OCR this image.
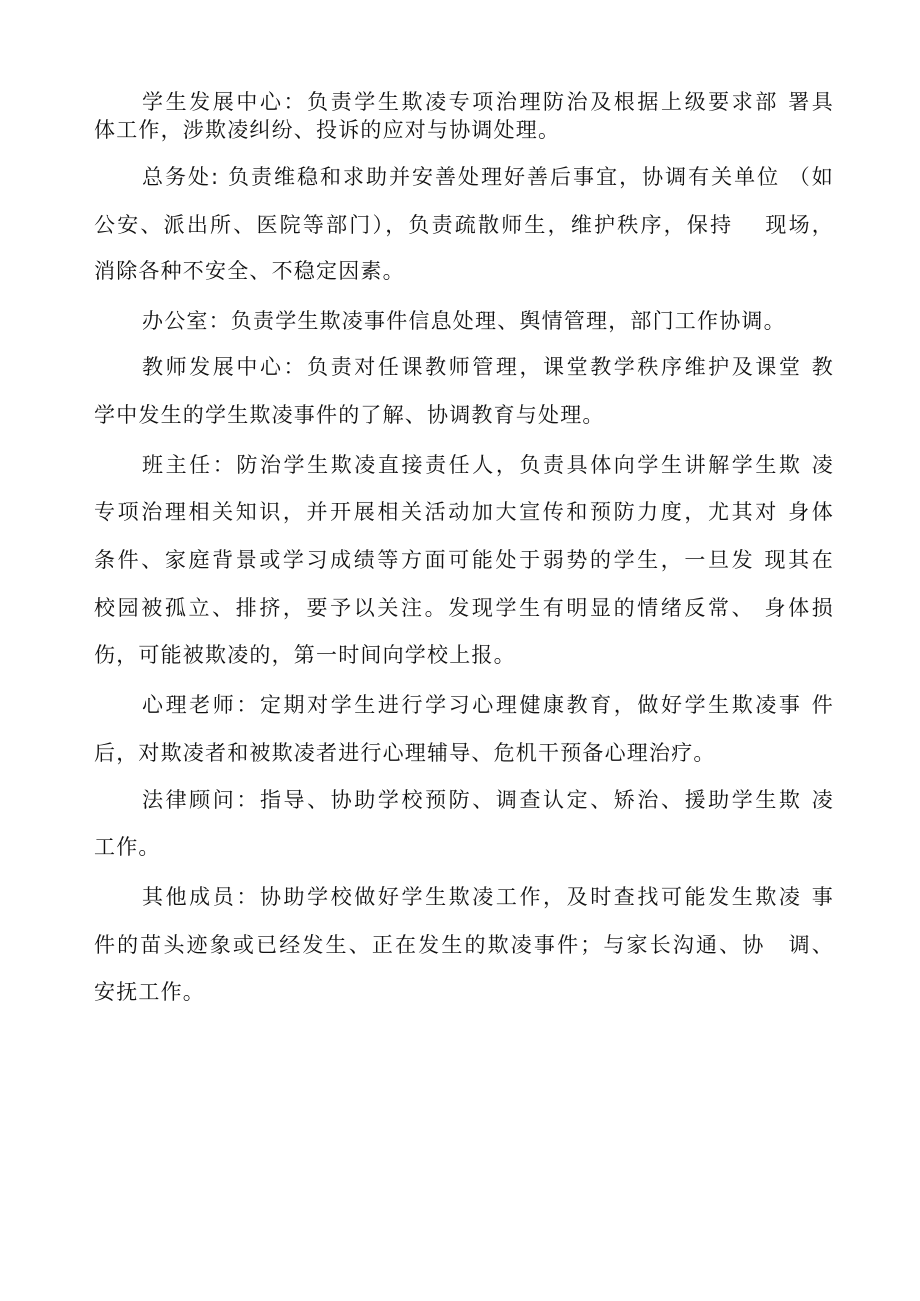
学生发展中心：负责学生欺凌专项治理防治及根据上级要求部 署具
体工作，涉欺凌纠纷、投诉的应对与协调处理。
总务处: 负责维稳和求助并安善处理好善后事宜，协调有关单位 （如
公安、派出所、医院等部门），负责疏散师生，维护秩序，保持　 现场，
消除各种不安全、不稳定因素。
办公室：负责学生欺凌事件信息处理、舆情管理，部门工作协调。
教师发展中心：负责对任课教师管理，课堂教学秩序维护及课堂 教
学中发生的学生欺凌事件的了解、协调教育与处理。
班主任：防治学生欺凌直接责任人，负责具体向学生讲解学生欺 凌
专项治理相关知识，并开展相关活动加大宣传和预防力度，尤其对 身体
条件、家庭背景或学习成绩等方面可能处于弱势的学生，一旦发 现其在
校园被孤立、排挤，要予以关注。发现学生有明显的情绪反常、 身体损
伤，可能被欺凌的，第一时间向学校上报。
心理老师：定期对学生进行学习心理健康教育，做好学生欺凌事 件
后，对欺凌者和被欺凌者进行心理辅导、危机干预备心理治疗。
法律顾问：指导、协助学校预防、调查认定、矫治、援助学生欺 凌
工作。
其他成员：协助学校做好学生欺凌工作，及时查找可能发生欺凌 事
件的苗头迹象或已经发生、正在发生的欺凌事件；与家长沟通、协　调、
安抚工作。
